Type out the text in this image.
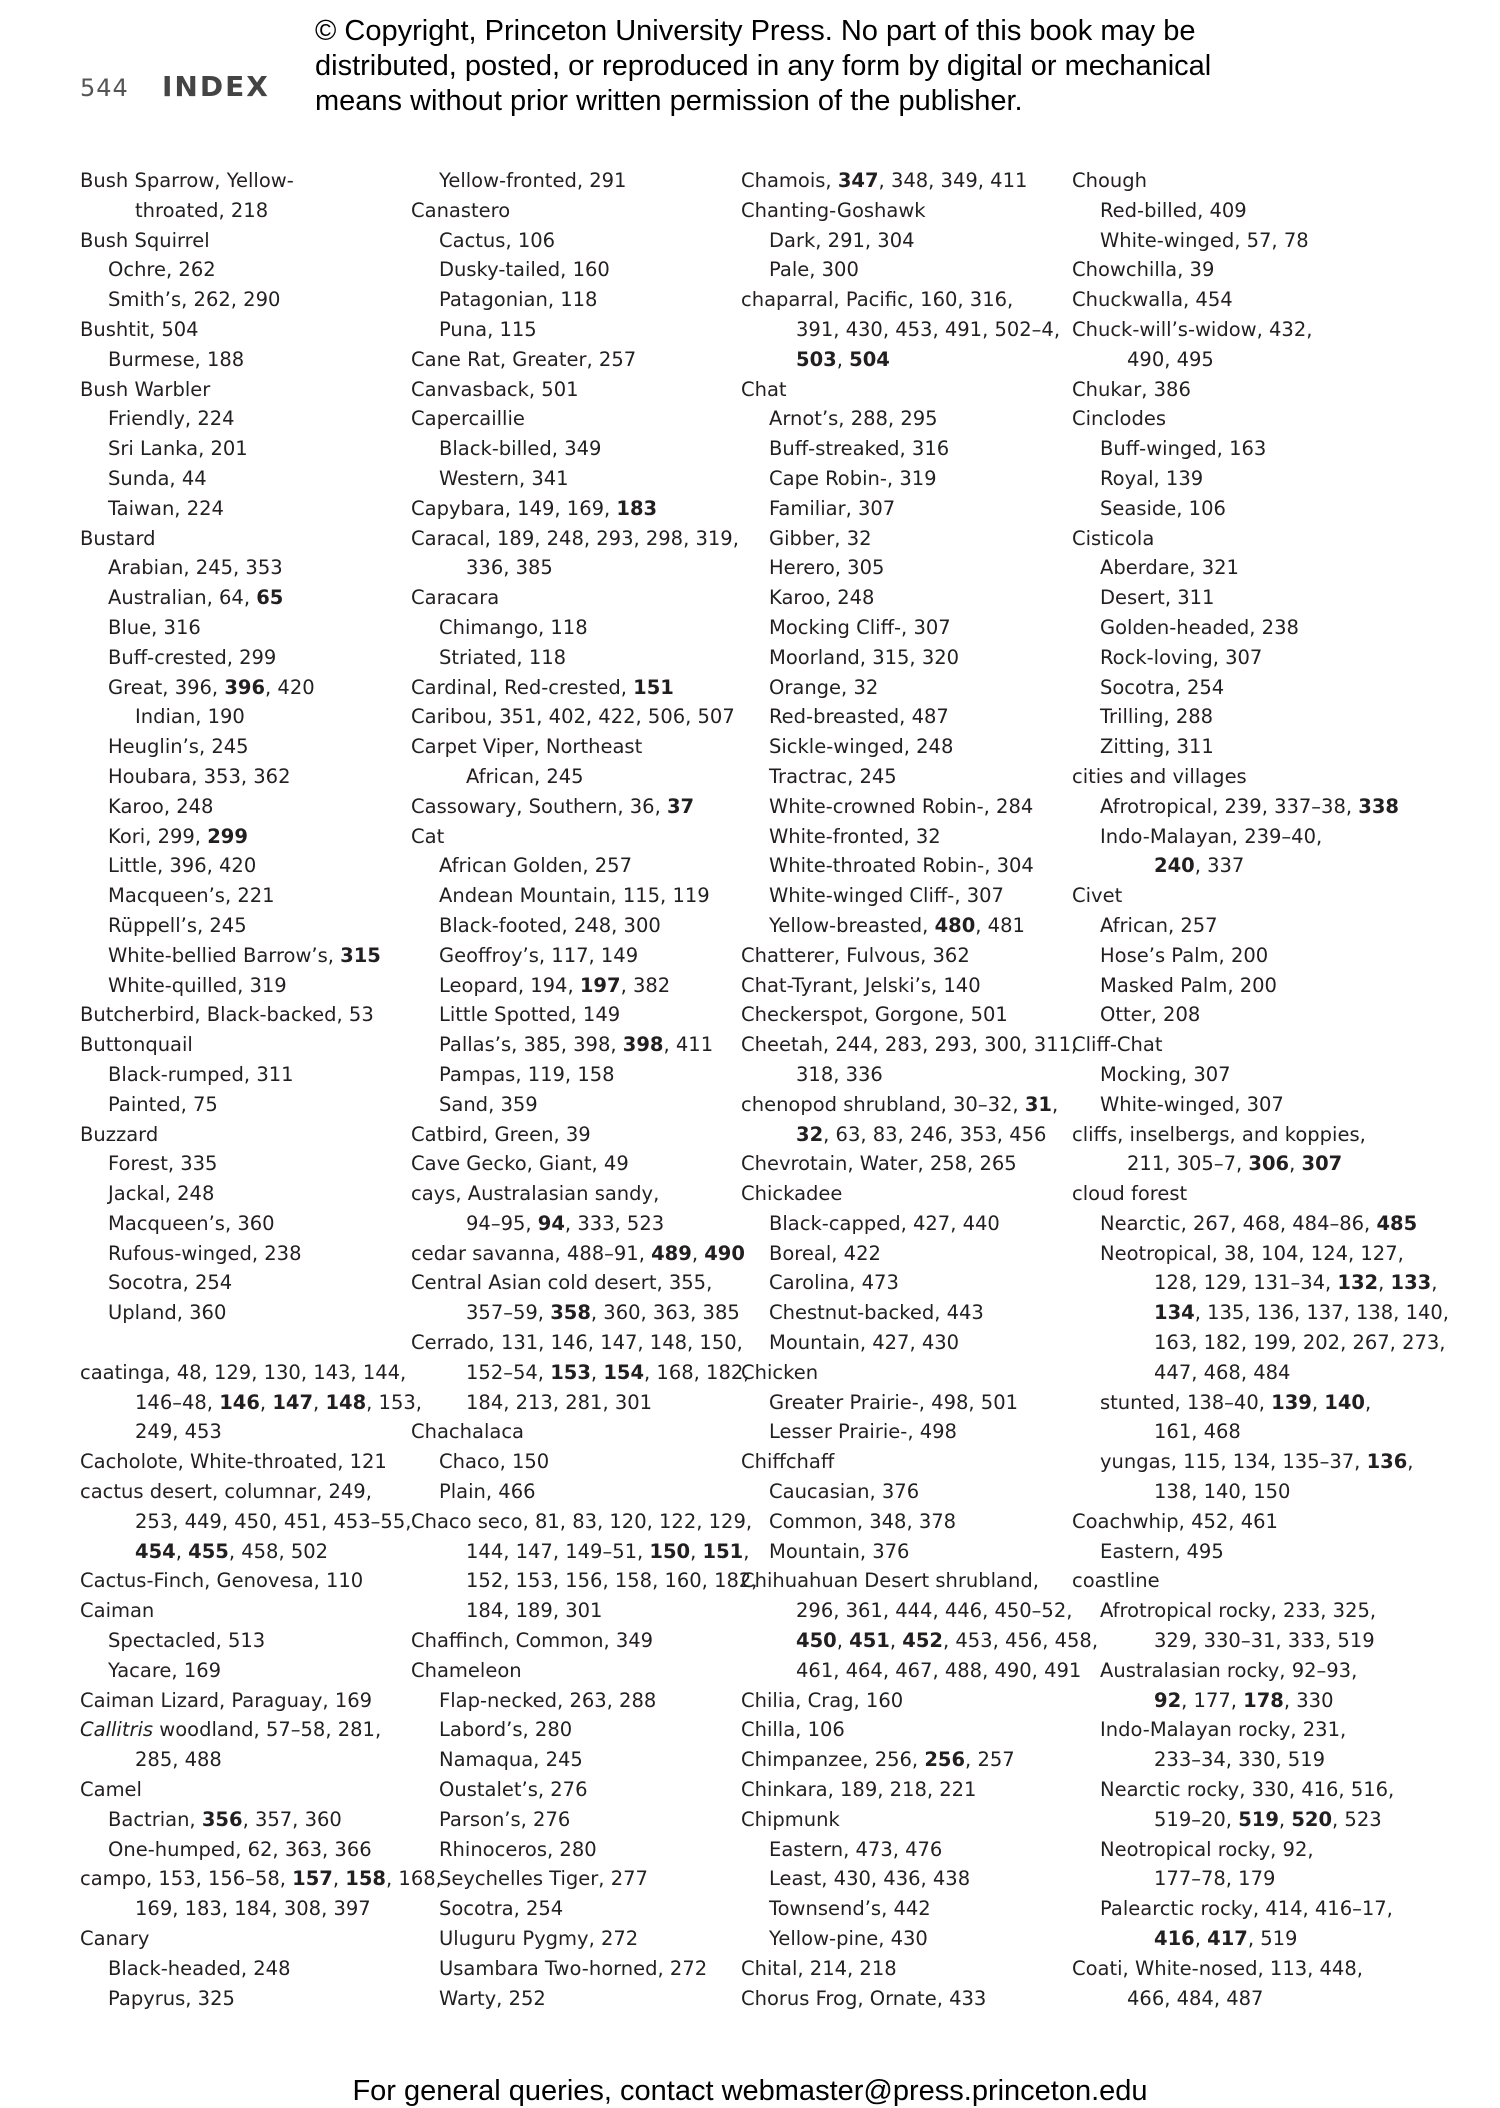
544 INDEX
© Copyright, Princeton University Press. No part of this book may be distributed, posted, or reproduced in any form by digital or mechanical means without prior written permission of the publisher.
Bush Sparrow, Yellow-
throated, 218
Bush Squirrel
Ochre, 262
Smith’s, 262, 290
Bushtit, 504
Burmese, 188
Bush Warbler
Friendly, 224
Sri Lanka, 201
Sunda, 44
Taiwan, 224
Bustard
Arabian, 245, 353
Australian, 64, 65
Blue, 316
Buff-crested, 299
Great, 396, 396, 420
Indian, 190
Heuglin’s, 245
Houbara, 353, 362
Karoo, 248
Kori, 299, 299
Little, 396, 420
Macqueen’s, 221
Rüppell’s, 245
White-bellied Barrow’s, 315
White-quilled, 319
Butcherbird, Black-backed, 53
Buttonquail
Black-rumped, 311
Painted, 75
Buzzard
Forest, 335
Jackal, 248
Macqueen’s, 360
Rufous-winged, 238
Socotra, 254
Upland, 360
caatinga, 48, 129, 130, 143, 144,
146–48, 146, 147, 148, 153,
249, 453
Cacholote, White-throated, 121
cactus desert, columnar, 249,
253, 449, 450, 451, 453–55,
454, 455, 458, 502
Cactus-Finch, Genovesa, 110
Caiman
Spectacled, 513
Yacare, 169
Caiman Lizard, Paraguay, 169
Callitris woodland, 57–58, 281,
285, 488
Camel
Bactrian, 356, 357, 360
One-humped, 62, 363, 366
campo, 153, 156–58, 157, 158, 168,
169, 183, 184, 308, 397
Canary
Black-headed, 248
Papyrus, 325
Yellow-fronted, 291
Canastero
Cactus, 106
Dusky-tailed, 160
Patagonian, 118
Puna, 115
Cane Rat, Greater, 257
Canvasback, 501
Capercaillie
Black-billed, 349
Western, 341
Capybara, 149, 169, 183
Caracal, 189, 248, 293, 298, 319,
336, 385
Caracara
Chimango, 118
Striated, 118
Cardinal, Red-crested, 151
Caribou, 351, 402, 422, 506, 507
Carpet Viper, Northeast
African, 245
Cassowary, Southern, 36, 37
Cat
African Golden, 257
Andean Mountain, 115, 119
Black-footed, 248, 300
Geoffroy’s, 117, 149
Leopard, 194, 197, 382
Little Spotted, 149
Pallas’s, 385, 398, 398, 411
Pampas, 119, 158
Sand, 359
Catbird, Green, 39
Cave Gecko, Giant, 49
cays, Australasian sandy,
94–95, 94, 333, 523
cedar savanna, 488–91, 489, 490
Central Asian cold desert, 355,
357–59, 358, 360, 363, 385
Cerrado, 131, 146, 147, 148, 150,
152–54, 153, 154, 168, 182,
184, 213, 281, 301
Chachalaca
Chaco, 150
Plain, 466
Chaco seco, 81, 83, 120, 122, 129,
144, 147, 149–51, 150, 151,
152, 153, 156, 158, 160, 182,
184, 189, 301
Chaffinch, Common, 349
Chameleon
Flap-necked, 263, 288
Labord’s, 280
Namaqua, 245
Oustalet’s, 276
Parson’s, 276
Rhinoceros, 280
Seychelles Tiger, 277
Socotra, 254
Uluguru Pygmy, 272
Usambara Two-horned, 272
Warty, 252
Chamois, 347, 348, 349, 411
Chanting-Goshawk
Dark, 291, 304
Pale, 300
chaparral, Pacific, 160, 316,
391, 430, 453, 491, 502–4,
503, 504
Chat
Arnot’s, 288, 295
Buff-streaked, 316
Cape Robin-, 319
Familiar, 307
Gibber, 32
Herero, 305
Karoo, 248
Mocking Cliff-, 307
Moorland, 315, 320
Orange, 32
Red-breasted, 487
Sickle-winged, 248
Tractrac, 245
White-crowned Robin-, 284
White-fronted, 32
White-throated Robin-, 304
White-winged Cliff-, 307
Yellow-breasted, 480, 481
Chatterer, Fulvous, 362
Chat-Tyrant, Jelski’s, 140
Checkerspot, Gorgone, 501
Cheetah, 244, 283, 293, 300, 311,
318, 336
chenopod shrubland, 30–32, 31,
32, 63, 83, 246, 353, 456
Chevrotain, Water, 258, 265
Chickadee
Black-capped, 427, 440
Boreal, 422
Carolina, 473
Chestnut-backed, 443
Mountain, 427, 430
Chicken
Greater Prairie-, 498, 501
Lesser Prairie-, 498
Chiffchaff
Caucasian, 376
Common, 348, 378
Mountain, 376
Chihuahuan Desert shrubland,
296, 361, 444, 446, 450–52,
450, 451, 452, 453, 456, 458,
461, 464, 467, 488, 490, 491
Chilia, Crag, 160
Chilla, 106
Chimpanzee, 256, 256, 257
Chinkara, 189, 218, 221
Chipmunk
Eastern, 473, 476
Least, 430, 436, 438
Townsend’s, 442
Yellow-pine, 430
Chital, 214, 218
Chorus Frog, Ornate, 433
Chough
Red-billed, 409
White-winged, 57, 78
Chowchilla, 39
Chuckwalla, 454
Chuck-will’s-widow, 432,
490, 495
Chukar, 386
Cinclodes
Buff-winged, 163
Royal, 139
Seaside, 106
Cisticola
Aberdare, 321
Desert, 311
Golden-headed, 238
Rock-loving, 307
Socotra, 254
Trilling, 288
Zitting, 311
cities and villages
Afrotropical, 239, 337–38, 338
Indo-Malayan, 239–40,
240, 337
Civet
African, 257
Hose’s Palm, 200
Masked Palm, 200
Otter, 208
Cliff-Chat
Mocking, 307
White-winged, 307
cliffs, inselbergs, and koppies,
211, 305–7, 306, 307
cloud forest
Nearctic, 267, 468, 484–86, 485
Neotropical, 38, 104, 124, 127,
128, 129, 131–34, 132, 133,
134, 135, 136, 137, 138, 140,
163, 182, 199, 202, 267, 273,
447, 468, 484
stunted, 138–40, 139, 140,
161, 468
yungas, 115, 134, 135–37, 136,
138, 140, 150
Coachwhip, 452, 461
Eastern, 495
coastline
Afrotropical rocky, 233, 325,
329, 330–31, 333, 519
Australasian rocky, 92–93,
92, 177, 178, 330
Indo-Malayan rocky, 231,
233–34, 330, 519
Nearctic rocky, 330, 416, 516,
519–20, 519, 520, 523
Neotropical rocky, 92,
177–78, 179
Palearctic rocky, 414, 416–17,
416, 417, 519
Coati, White-nosed, 113, 448,
466, 484, 487
For general queries, contact webmaster@press.princeton.edu
